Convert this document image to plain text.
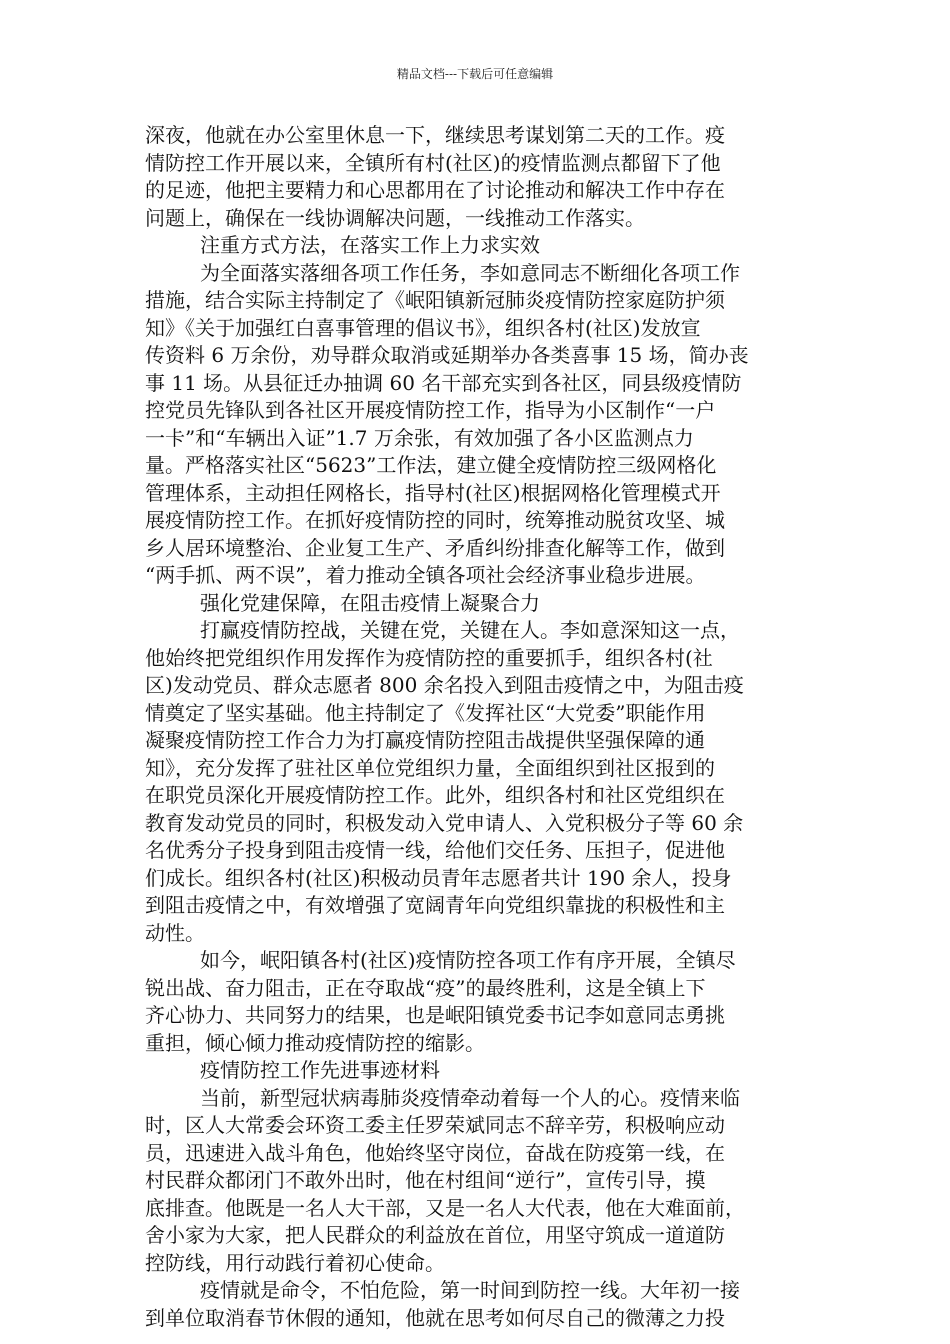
精品文档---下载后可任意编辑
深夜，他就在办公室里休息一下，继续思考谋划第二天的工作。疫
情防控工作开展以来，全镇所有村(社区)的疫情监测点都留下了他
的足迹，他把主要精力和心思都用在了讨论推动和解决工作中存在
问题上，确保在一线协调解决问题，一线推动工作落实。
注重方式方法，在落实工作上力求实效
为全面落实落细各项工作任务，李如意同志不断细化各项工作
措施，结合实际主持制定了《岷阳镇新冠肺炎疫情防控家庭防护须
知》《关于加强红白喜事管理的倡议书》，组织各村(社区)发放宣
传资料 6 万余份，劝导群众取消或延期举办各类喜事 15 场，简办丧
事 11 场。从县征迁办抽调 60 名干部充实到各社区，同县级疫情防
控党员先锋队到各社区开展疫情防控工作，指导为小区制作“一户
一卡”和“车辆出入证”1.7 万余张，有效加强了各小区监测点力
量。严格落实社区“5623”工作法，建立健全疫情防控三级网格化
管理体系，主动担任网格长，指导村(社区)根据网格化管理模式开
展疫情防控工作。在抓好疫情防控的同时，统筹推动脱贫攻坚、城
乡人居环境整治、企业复工生产、矛盾纠纷排查化解等工作，做到
“两手抓、两不误”，着力推动全镇各项社会经济事业稳步进展。
强化党建保障，在阻击疫情上凝聚合力
打赢疫情防控战，关键在党，关键在人。李如意深知这一点，
他始终把党组织作用发挥作为疫情防控的重要抓手，组织各村(社
区)发动党员、群众志愿者 800 余名投入到阻击疫情之中，为阻击疫
情奠定了坚实基础。他主持制定了《发挥社区“大党委”职能作用
凝聚疫情防控工作合力为打赢疫情防控阻击战提供坚强保障的通
知》，充分发挥了驻社区单位党组织力量，全面组织到社区报到的
在职党员深化开展疫情防控工作。此外，组织各村和社区党组织在
教育发动党员的同时，积极发动入党申请人、入党积极分子等 60 余
名优秀分子投身到阻击疫情一线，给他们交任务、压担子，促进他
们成长。组织各村(社区)积极动员青年志愿者共计 190 余人，投身
到阻击疫情之中，有效增强了宽阔青年向党组织靠拢的积极性和主
动性。
如今，岷阳镇各村(社区)疫情防控各项工作有序开展，全镇尽
锐出战、奋力阻击，正在夺取战“疫”的最终胜利，这是全镇上下
齐心协力、共同努力的结果，也是岷阳镇党委书记李如意同志勇挑
重担，倾心倾力推动疫情防控的缩影。
疫情防控工作先进事迹材料
当前，新型冠状病毒肺炎疫情牵动着每一个人的心。疫情来临
时，区人大常委会环资工委主任罗荣斌同志不辞辛劳，积极响应动
员，迅速进入战斗角色，他始终坚守岗位，奋战在防疫第一线，在
村民群众都闭门不敢外出时，他在村组间“逆行”，宣传引导，摸
底排查。他既是一名人大干部，又是一名人大代表，他在大难面前，
舍小家为大家，把人民群众的利益放在首位，用坚守筑成一道道防
控防线，用行动践行着初心使命。
疫情就是命令，不怕危险，第一时间到防控一线。大年初一接
到单位取消春节休假的通知，他就在思考如何尽自己的微薄之力投
